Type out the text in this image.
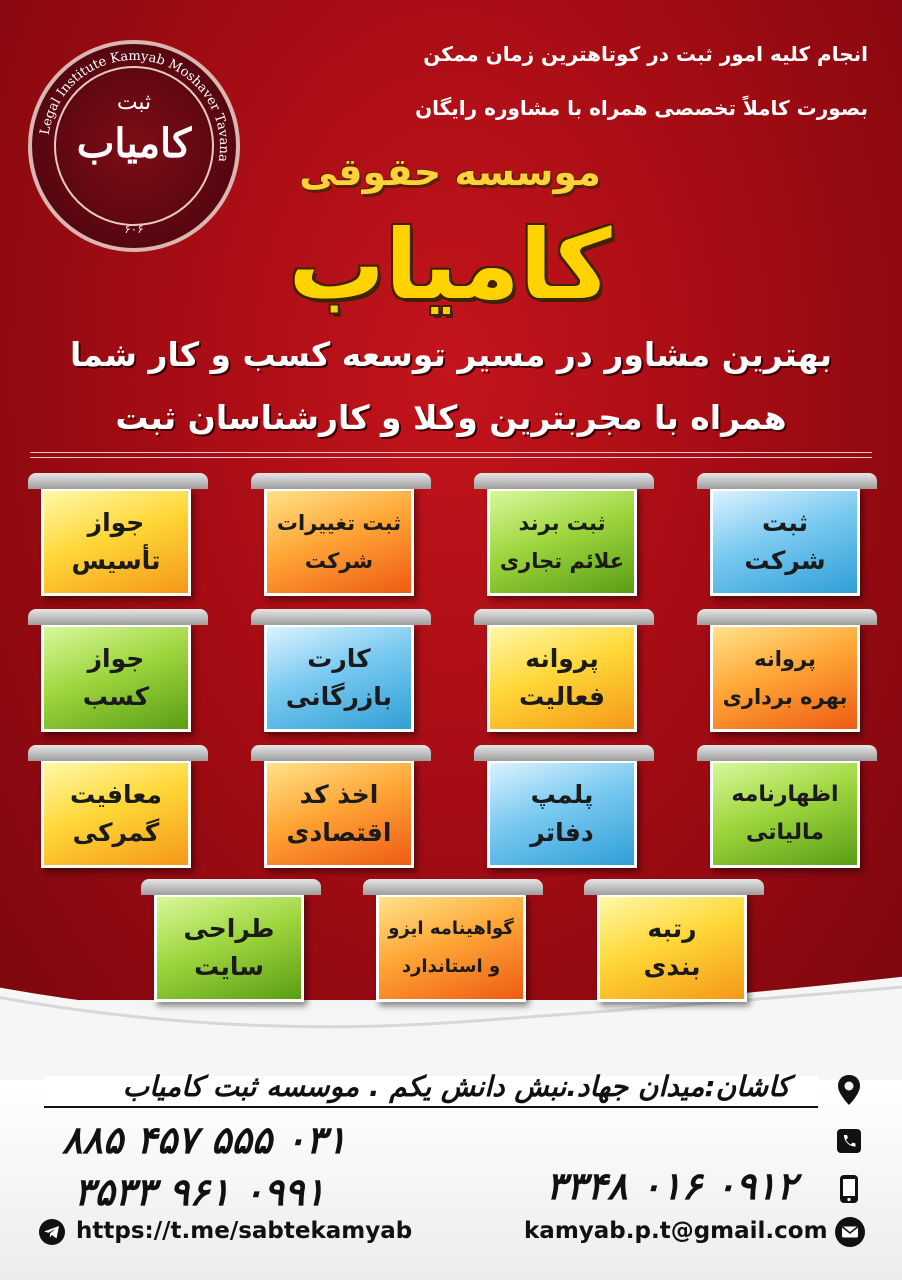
Legal Institute Kamyab Moshaver Tavana
ثبت
کامیاب
۶۰۶
انجام کلیه امور ثبت در کوتاهترین زمان ممکن
بصورت کاملاً تخصصی همراه با مشاوره رایگان
موسسه حقوقی
کامیاب
بهترین مشاور در مسیر توسعه کسب و کار شما
همراه با مجربترین وکلا و کارشناسان ثبت
ثبت
شرکت
ثبت برند
علائم تجاری
ثبت تغییرات
شرکت
جواز
تأسیس
پروانه
بهره برداری
پروانه
فعالیت
کارت
بازرگانی
جواز
کسب
اظهارنامه
مالیاتی
پلمپ
دفاتر
اخذ کد
اقتصادی
معافیت
گمرکی
رتبه
بندی
گواهینامه ایزو
و استاندارد
طراحی
سایت
کاشان:میدان جهاد.نبش دانش یکم . موسسه ثبت کامیاب
۰۳۱ ۵۵۵ ۴۵۷ ۸۸۵
۰۹۹۱ ۹۶۱ ۳۵۳۳	۰۹۱۲ ۰۱۶ ۳۳۴۸
https://t.me/sabtekamyab	kamyab.p.t@gmail.com
